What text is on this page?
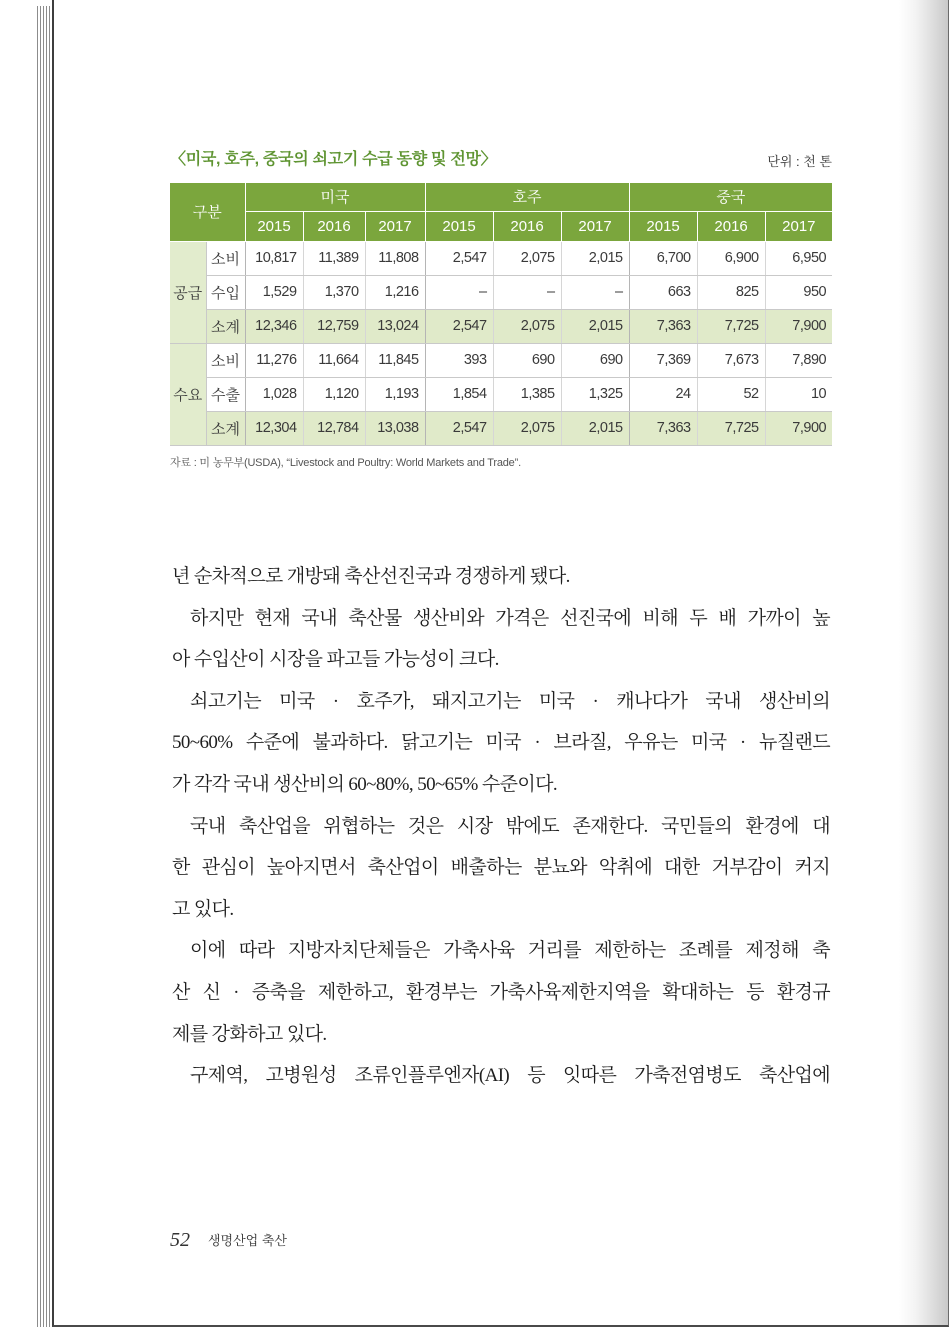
〈미국, 호주, 중국의 쇠고기 수급 동향 및 전망〉	단위 : 천 톤
구분		미국			호주			중국		
		2015	2016	2017	2015	2016	2017	2015	2016	2017
공급	소비	10,817	11,389	11,808	2,547	2,075	2,015	6,700	6,900	6,950
	수입	1,529	1,370	1,216	–	–	–	663	825	950
	소계	12,346	12,759	13,024	2,547	2,075	2,015	7,363	7,725	7,900
수요	소비	11,276	11,664	11,845	393	690	690	7,369	7,673	7,890
	수출	1,028	1,120	1,193	1,854	1,385	1,325	24	52	10
	소계	12,304	12,784	13,038	2,547	2,075	2,015	7,363	7,725	7,900
자료 : 미 농무부(USDA), “Livestock and Poultry: World Markets and Trade”.
년 순차적으로 개방돼 축산선진국과 경쟁하게 됐다.
하지만 현재 국내 축산물 생산비와 가격은 선진국에 비해 두 배 가까이 높
아 수입산이 시장을 파고들 가능성이 크다.
쇠고기는 미국 · 호주가, 돼지고기는 미국 · 캐나다가 국내 생산비의
50~60% 수준에 불과하다. 닭고기는 미국 · 브라질, 우유는 미국 · 뉴질랜드
가 각각 국내 생산비의 60~80%, 50~65% 수준이다.
국내 축산업을 위협하는 것은 시장 밖에도 존재한다. 국민들의 환경에 대
한 관심이 높아지면서 축산업이 배출하는 분뇨와 악취에 대한 거부감이 커지
고 있다.
이에 따라 지방자치단체들은 가축사육 거리를 제한하는 조례를 제정해 축
산 신 · 증축을 제한하고, 환경부는 가축사육제한지역을 확대하는 등 환경규
제를 강화하고 있다.
구제역, 고병원성 조류인플루엔자(AI) 등 잇따른 가축전염병도 축산업에
52 생명산업 축산
